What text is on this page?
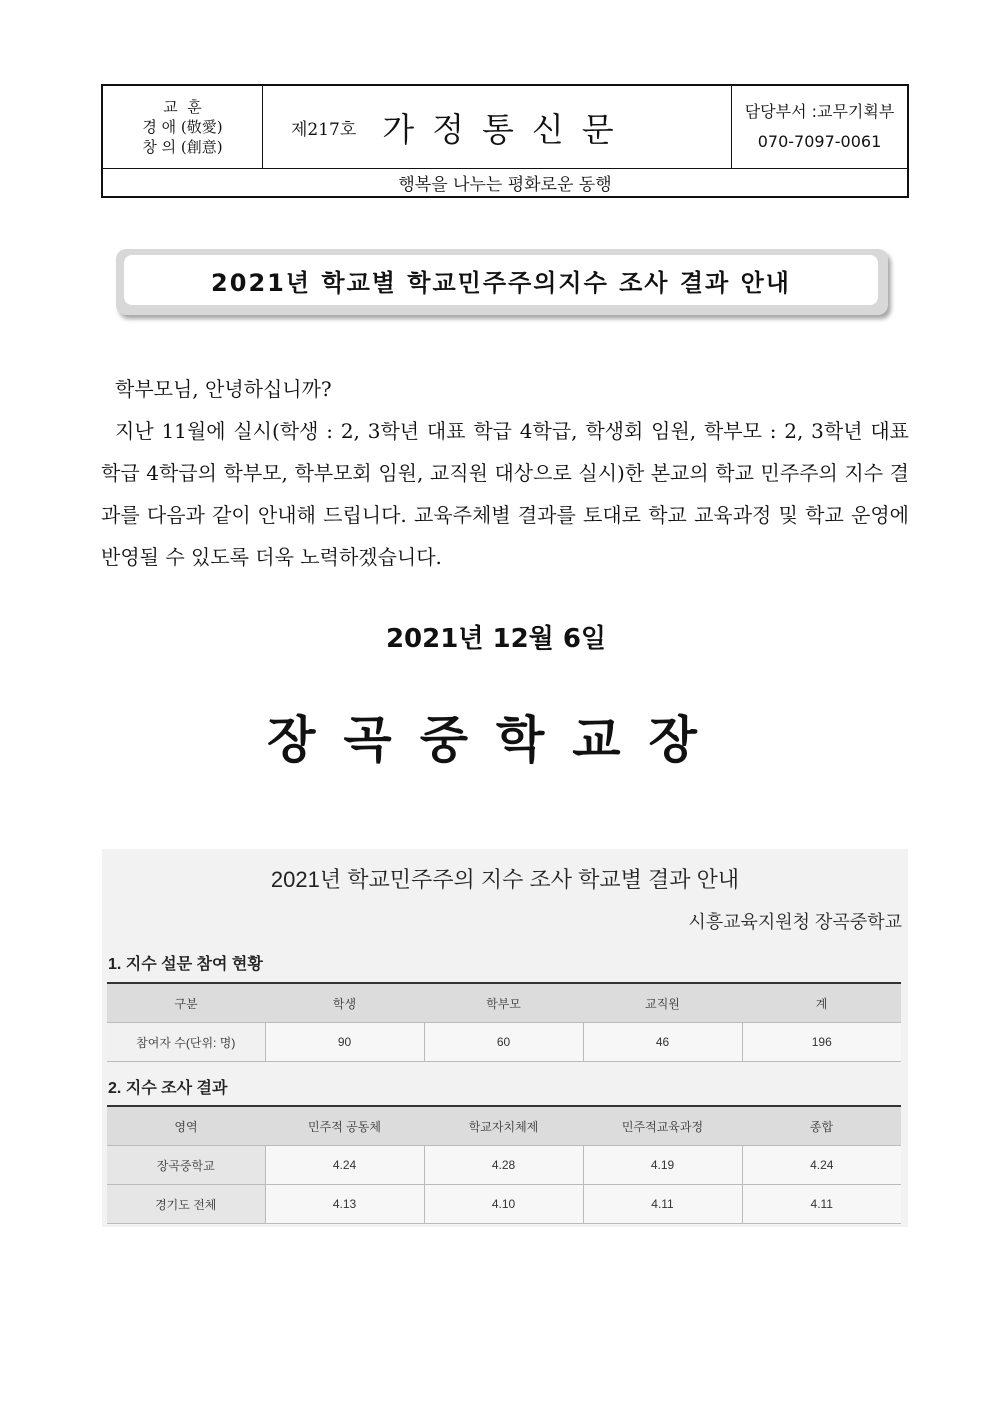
교  훈
경 애 (敬愛)
창 의 (創意)
제217호 가정통신문	담당부서 :교무기획부
070-7097-0061
행복을 나누는 평화로운 동행
2021년 학교별 학교민주주의지수 조사 결과 안내

학부모님, 안녕하십니까?

지난 11월에 실시(학생 : 2, 3학년 대표 학급 4학급, 학생회 임원, 학부모 : 2, 3학년 대표 학급 4학급의 학부모, 학부모회 임원, 교직원 대상으로 실시)한 본교의 학교 민주주의 지수 결과를 다음과 같이 안내해 드립니다. 교육주체별 결과를 토대로 학교 교육과정 및 학교 운영에 반영될 수 있도록 더욱 노력하겠습니다.

2021년 12월 6일
장곡중학교장
2021년 학교민주주의 지수 조사 학교별 결과 안내
시흥교육지원청 장곡중학교
1. 지수 설문 참여 현황
구분	학생	학부모	교직원	계
참여자 수(단위: 명)	90	60	46	196
2. 지수 조사 결과
영역	민주적 공동체	학교자치체제	민주적교육과정	종합
장곡중학교	4.24	4.28	4.19	4.24
경기도 전체	4.13	4.10	4.11	4.11
